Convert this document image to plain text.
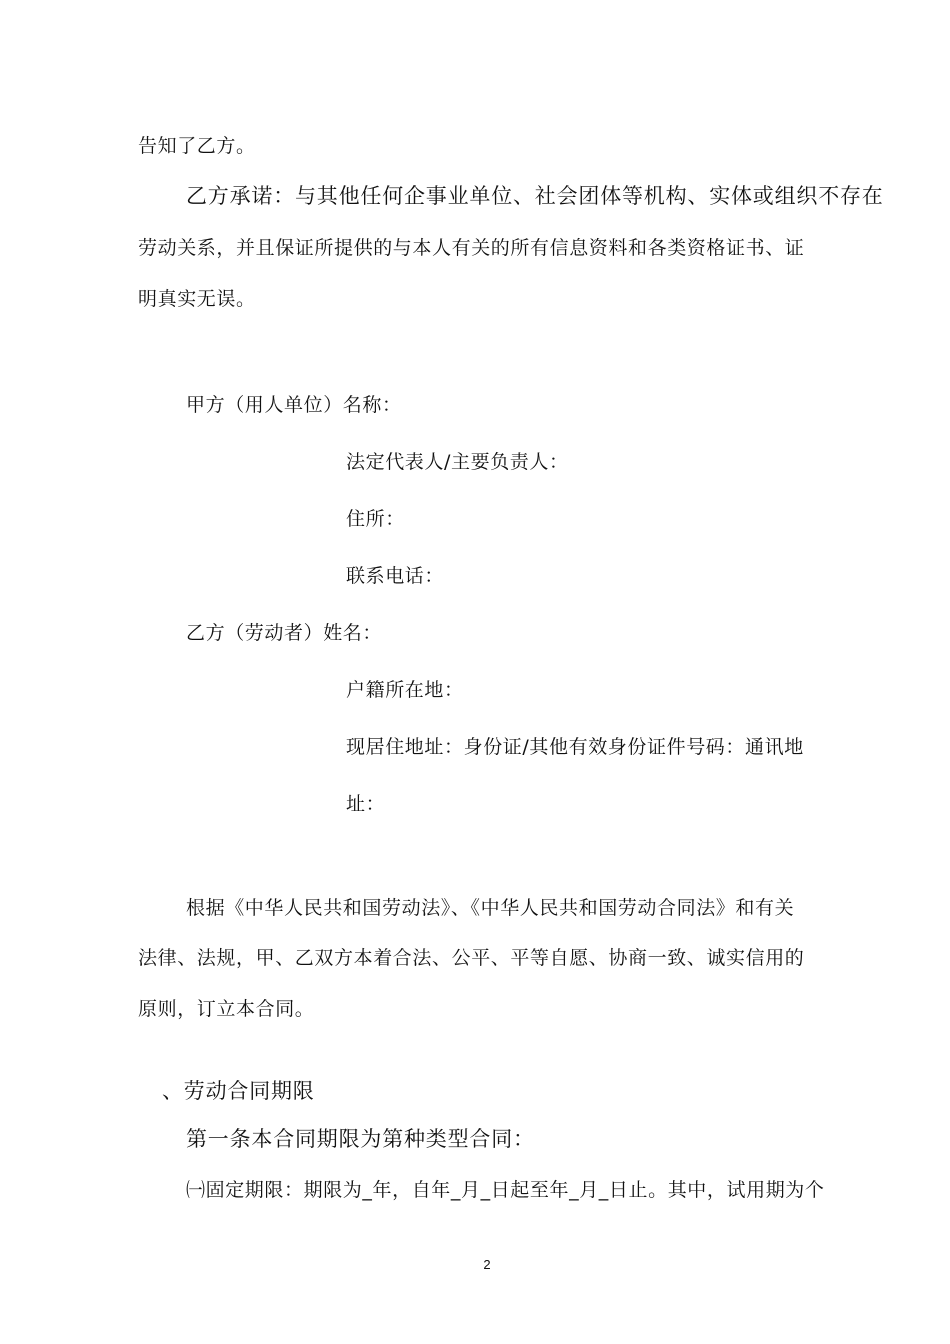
告知了乙方。
乙方承诺：与其他任何企事业单位、社会团体等机构、实体或组织不存在
劳动关系，并且保证所提供的与本人有关的所有信息资料和各类资格证书、证
明真实无误。
甲方（用人单位）名称：
法定代表人/主要负责人：
住所：
联系电话：
乙方（劳动者）姓名：
户籍所在地：
现居住地址：身份证/其他有效身份证件号码：通讯地
址：
根据《中华人民共和国劳动法》、《中华人民共和国劳动合同法》和有关
法律、法规，甲、乙双方本着合法、公平、平等自愿、协商一致、诚实信用的
原则，订立本合同。
、劳动合同期限
第一条本合同期限为第种类型合同：
㈠固定期限：期限为_年，自年_月_日起至年_月_日止。其中，试用期为个
2
